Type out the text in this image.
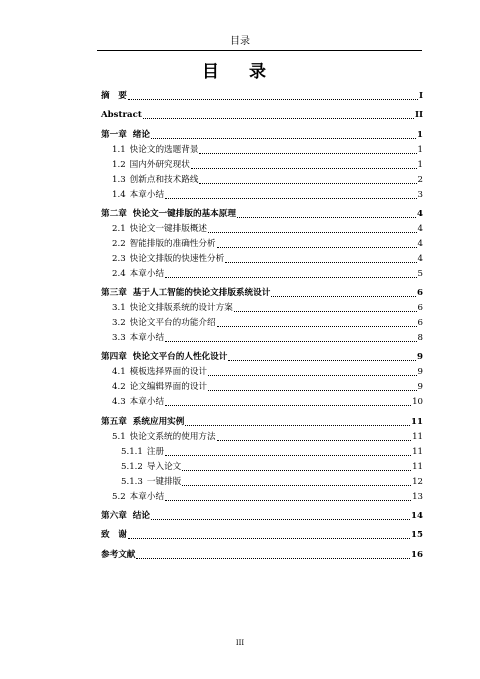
目录
目 录
摘　要	I
Abstract	II
第一章 绪论	1
1.1 快论文的选题背景	1
1.2 国内外研究现状	1
1.3 创新点和技术路线	2
1.4 本章小结	3
第二章 快论文一键排版的基本原理	4
2.1 快论文一键排版概述	4
2.2 智能排版的准确性分析	4
2.3 快论文排版的快速性分析	4
2.4 本章小结	5
第三章 基于人工智能的快论文排版系统设计	6
3.1 快论文排版系统的设计方案	6
3.2 快论文平台的功能介绍	6
3.3 本章小结	8
第四章 快论文平台的人性化设计	9
4.1 模板选择界面的设计	9
4.2 论文编辑界面的设计	9
4.3 本章小结	10
第五章 系统应用实例	11
5.1 快论文系统的使用方法	11
5.1.1 注册	11
5.1.2 导入论文	11
5.1.3 一键排版	12
5.2 本章小结	13
第六章 结论	14
致　谢	15
参考文献	16
III
